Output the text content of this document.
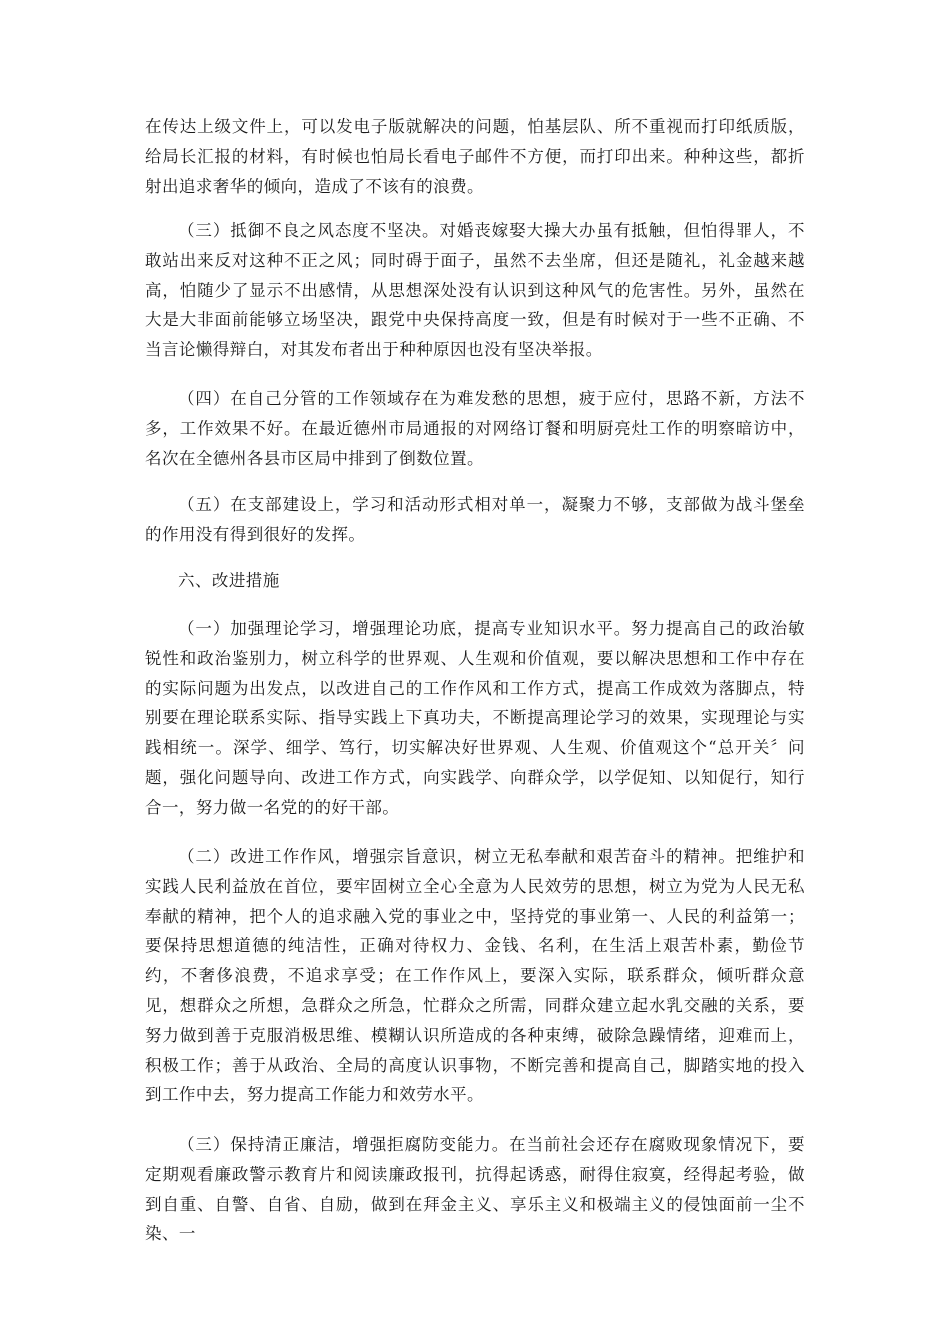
在传达上级文件上，可以发电子版就解决的问题，怕基层队、所不重视而打印纸质版，给局长汇报的材料，有时候也怕局长看电子邮件不方便，而打印出来。种种这些，都折射出追求奢华的倾向，造成了不该有的浪费。

（三）抵御不良之风态度不坚决。对婚丧嫁娶大操大办虽有抵触，但怕得罪人，不敢站出来反对这种不正之风；同时碍于面子，虽然不去坐席，但还是随礼，礼金越来越高，怕随少了显示不出感情，从思想深处没有认识到这种风气的危害性。另外，虽然在大是大非面前能够立场坚决，跟党中央保持高度一致，但是有时候对于一些不正确、不当言论懒得辩白，对其发布者出于种种原因也没有坚决举报。

（四）在自己分管的工作领域存在为难发愁的思想，疲于应付，思路不新，方法不多，工作效果不好。在最近德州市局通报的对网络订餐和明厨亮灶工作的明察暗访中，名次在全德州各县市区局中排到了倒数位置。

（五）在支部建设上，学习和活动形式相对单一，凝聚力不够，支部做为战斗堡垒的作用没有得到很好的发挥。

六、改进措施

（一）加强理论学习，增强理论功底，提高专业知识水平。努力提高自己的政治敏锐性和政治鉴别力，树立科学的世界观、人生观和价值观，要以解决思想和工作中存在的实际问题为出发点，以改进自己的工作作风和工作方式，提高工作成效为落脚点，特别要在理论联系实际、指导实践上下真功夫，不断提高理论学习的效果，实现理论与实践相统一。深学、细学、笃行，切实解决好世界观、人生观、价值观这个“总开关〞问题，强化问题导向、改进工作方式，向实践学、向群众学，以学促知、以知促行，知行合一，努力做一名党的的好干部。

（二）改进工作作风，增强宗旨意识，树立无私奉献和艰苦奋斗的精神。把维护和实践人民利益放在首位，要牢固树立全心全意为人民效劳的思想，树立为党为人民无私奉献的精神，把个人的追求融入党的事业之中，坚持党的事业第一、人民的利益第一；要保持思想道德的纯洁性，正确对待权力、金钱、名利，在生活上艰苦朴素，勤俭节约，不奢侈浪费，不追求享受；在工作作风上，要深入实际，联系群众，倾听群众意见，想群众之所想，急群众之所急，忙群众之所需，同群众建立起水乳交融的关系，要努力做到善于克服消极思维、模糊认识所造成的各种束缚，破除急躁情绪，迎难而上，积极工作；善于从政治、全局的高度认识事物，不断完善和提高自己，脚踏实地的投入到工作中去，努力提高工作能力和效劳水平。

（三）保持清正廉洁，增强拒腐防变能力。在当前社会还存在腐败现象情况下，要定期观看廉政警示教育片和阅读廉政报刊，抗得起诱惑，耐得住寂寞，经得起考验，做到自重、自警、自省、自励，做到在拜金主义、享乐主义和极端主义的侵蚀面前一尘不染、一
